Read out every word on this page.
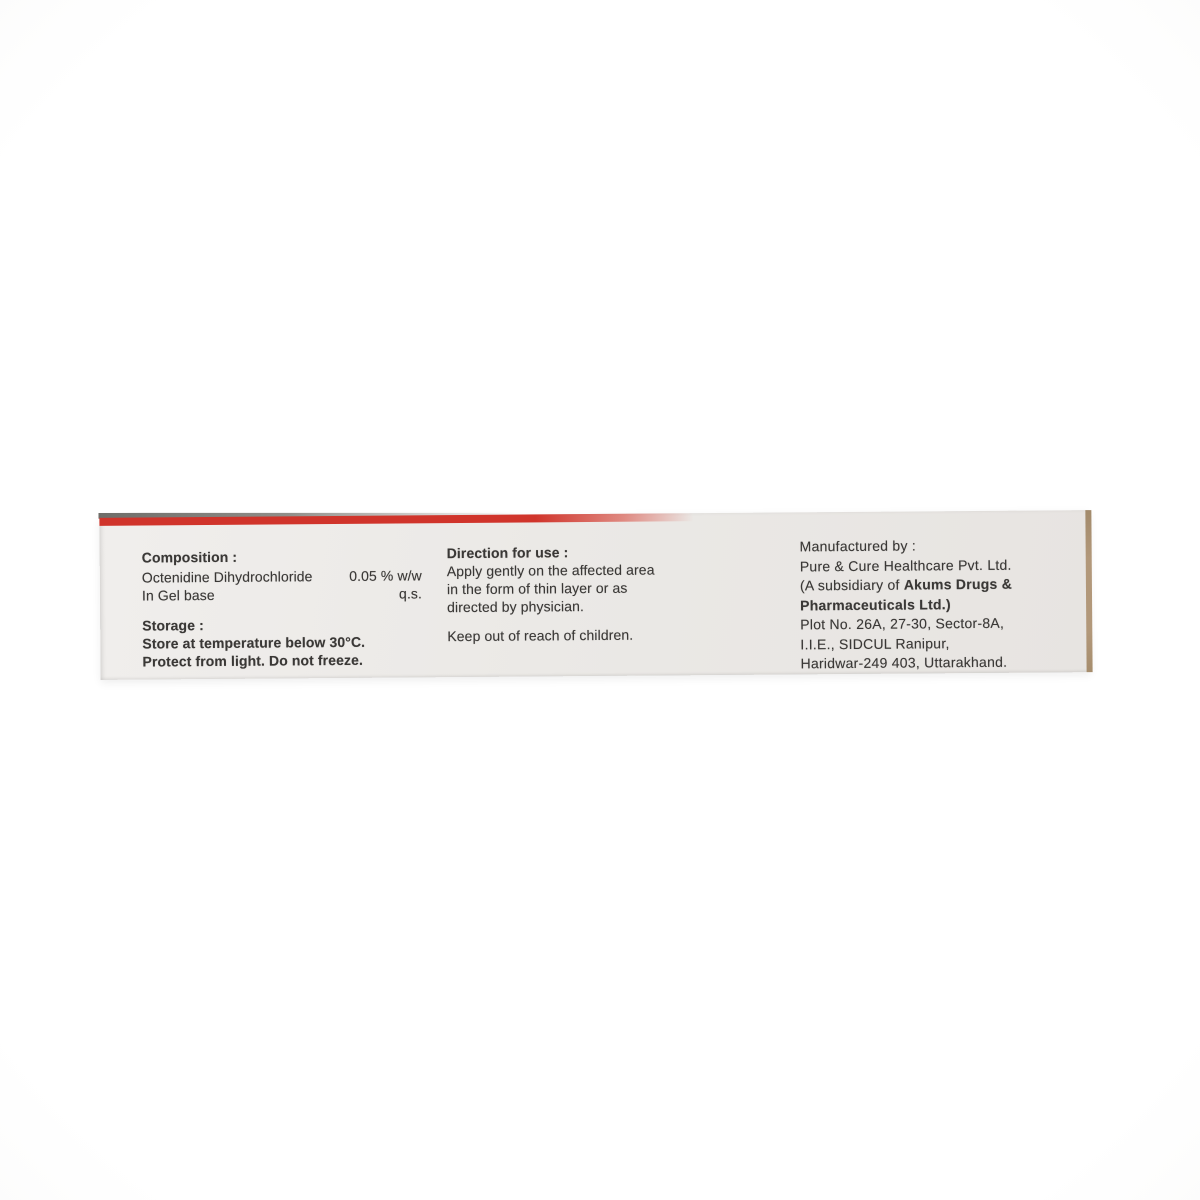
Composition :
Octenidine Dihydrochloride	0.05 % w/w
In Gel base	q.s.
Storage :
Store at temperature below 30°C.
Protect from light. Do not freeze.
Direction for use :
Apply gently on the affected area
in the form of thin layer or as
directed by physician.
Keep out of reach of children.
Manufactured by :
Pure & Cure Healthcare Pvt. Ltd.
(A subsidiary of Akums Drugs &
Pharmaceuticals Ltd.)
Plot No. 26A, 27-30, Sector-8A,
I.I.E., SIDCUL Ranipur,
Haridwar-249 403, Uttarakhand.
